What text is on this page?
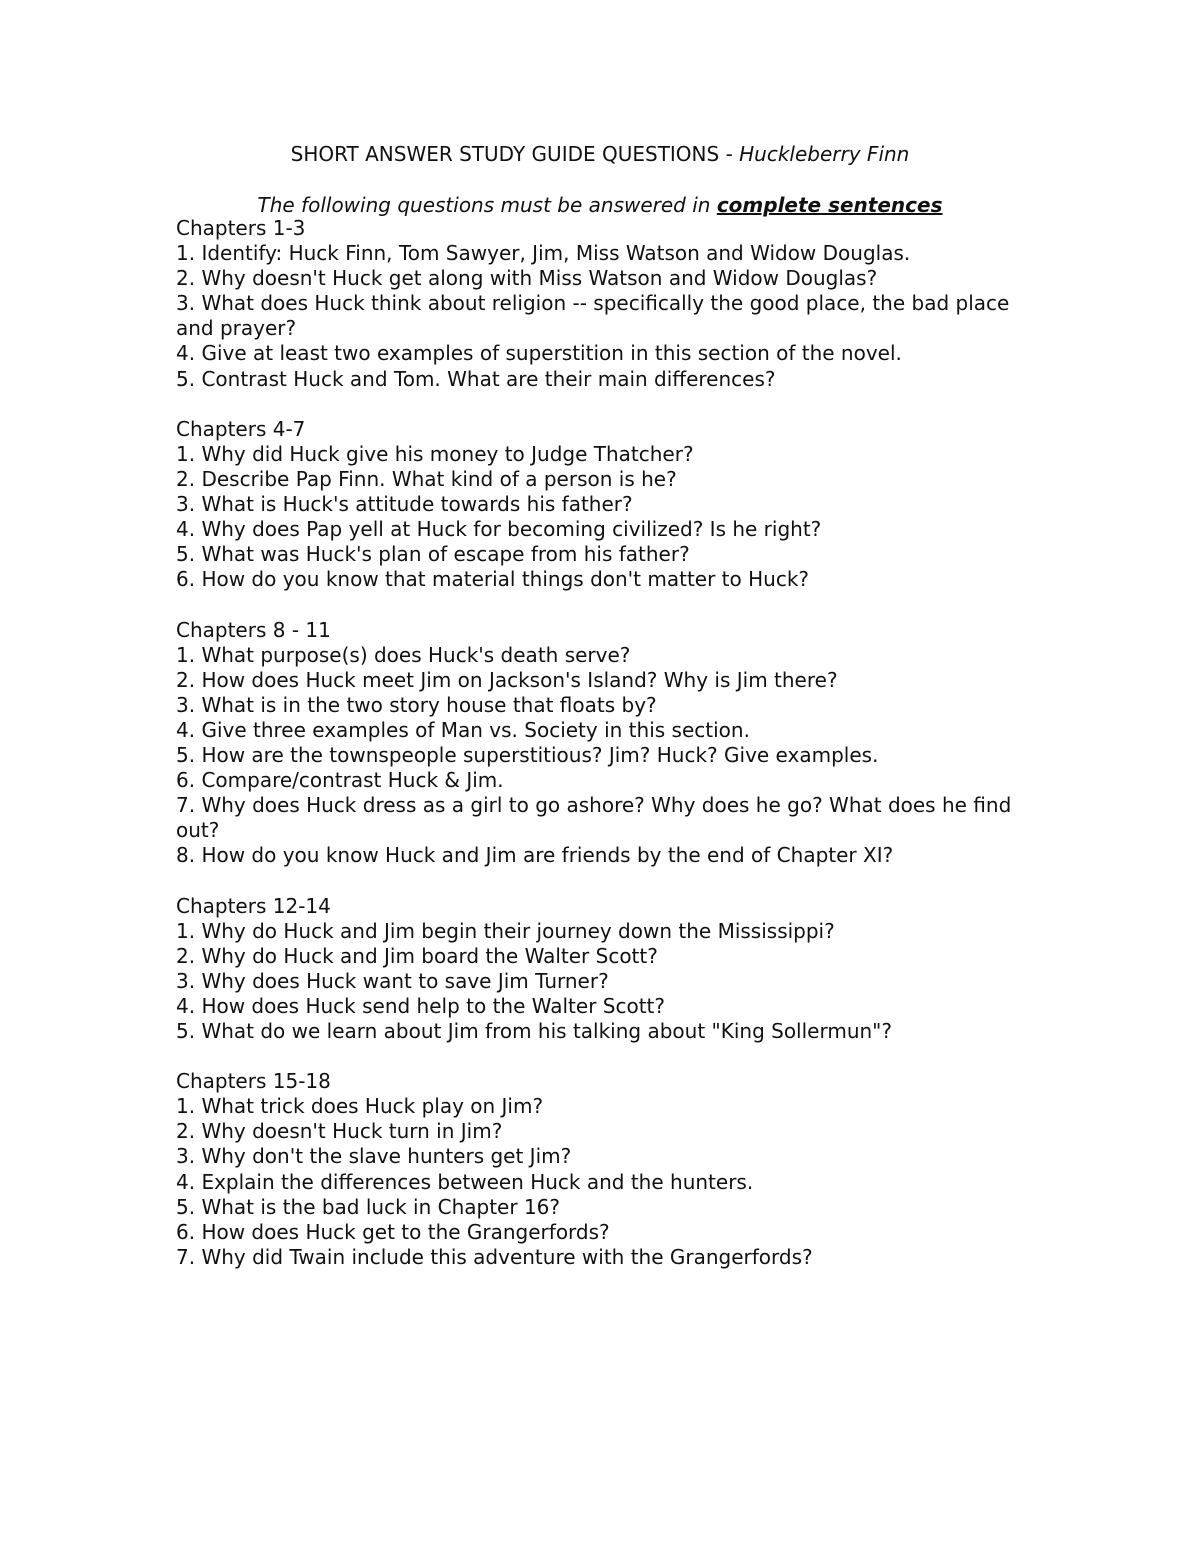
SHORT ANSWER STUDY GUIDE QUESTIONS - Huckleberry Finn
The following questions must be answered in complete sentences
Chapters 1-3
1. Identify: Huck Finn, Tom Sawyer, Jim, Miss Watson and Widow Douglas.
2. Why doesn't Huck get along with Miss Watson and Widow Douglas?
3. What does Huck think about religion -- specifically the good place, the bad place and prayer?
4. Give at least two examples of superstition in this section of the novel.
5. Contrast Huck and Tom. What are their main differences?
Chapters 4-7
1. Why did Huck give his money to Judge Thatcher?
2. Describe Pap Finn. What kind of a person is he?
3. What is Huck's attitude towards his father?
4. Why does Pap yell at Huck for becoming civilized? Is he right?
5. What was Huck's plan of escape from his father?
6. How do you know that material things don't matter to Huck?
Chapters 8 - 11
1. What purpose(s) does Huck's death serve?
2. How does Huck meet Jim on Jackson's Island? Why is Jim there?
3. What is in the two story house that floats by?
4. Give three examples of Man vs. Society in this section.
5. How are the townspeople superstitious? Jim? Huck? Give examples.
6. Compare/contrast Huck & Jim.
7. Why does Huck dress as a girl to go ashore? Why does he go? What does he find out?
8. How do you know Huck and Jim are friends by the end of Chapter XI?
Chapters 12-14
1. Why do Huck and Jim begin their journey down the Mississippi?
2. Why do Huck and Jim board the Walter Scott?
3. Why does Huck want to save Jim Turner?
4. How does Huck send help to the Walter Scott?
5. What do we learn about Jim from his talking about "King Sollermun"?
Chapters 15-18
1. What trick does Huck play on Jim?
2. Why doesn't Huck turn in Jim?
3. Why don't the slave hunters get Jim?
4. Explain the differences between Huck and the hunters.
5. What is the bad luck in Chapter 16?
6. How does Huck get to the Grangerfords?
7. Why did Twain include this adventure with the Grangerfords?
